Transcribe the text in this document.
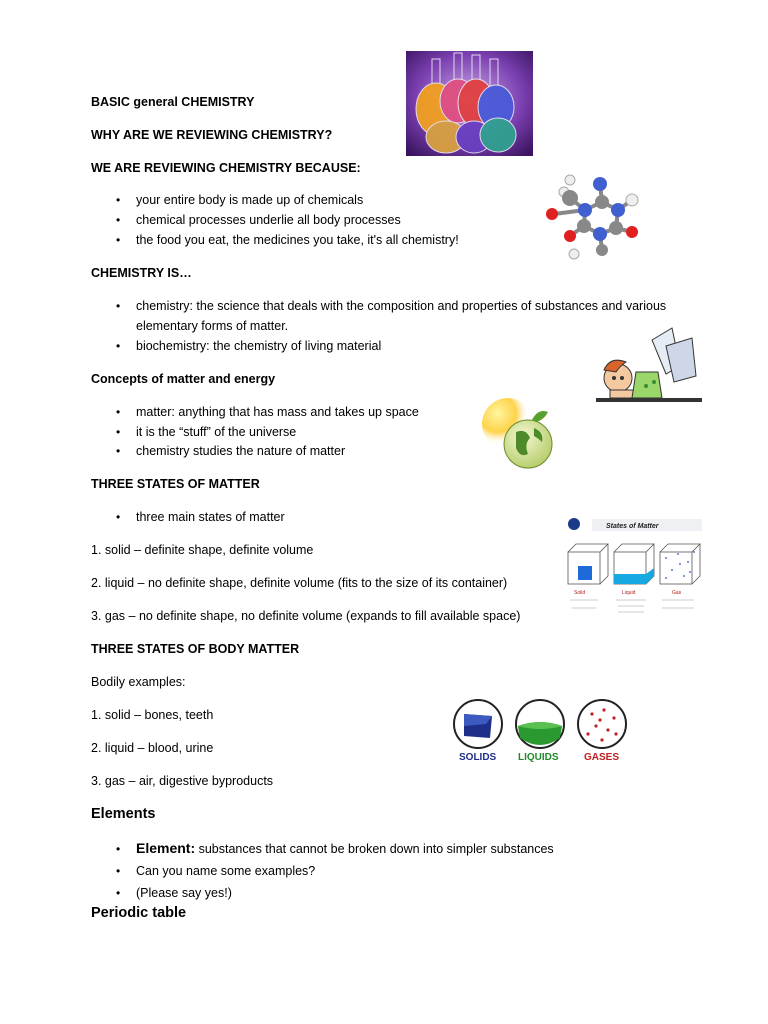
BASIC general CHEMISTRY
WHY ARE WE REVIEWING CHEMISTRY?
WE ARE REVIEWING CHEMISTRY BECAUSE:
• your entire body is made up of chemicals
• chemical processes underlie all body processes
• the food you eat, the medicines you take, it's all chemistry!
CHEMISTRY IS…
• chemistry: the science that deals with the composition and properties of substances and various
elementary forms of matter.
• biochemistry: the chemistry of living material
Concepts of matter and energy
• matter: anything that has mass and takes up space
• it is the “stuff” of the universe
• chemistry studies the nature of matter
THREE STATES OF MATTER
• three main states of matter
1. solid – definite shape, definite volume
2. liquid – no definite shape, definite volume (fits to the size of its container)
3. gas – no definite shape, no definite volume (expands to fill available space)
THREE STATES OF BODY MATTER
Bodily examples:
1. solid – bones, teeth
2. liquid – blood, urine
3. gas – air, digestive byproducts
Elements
• Element: substances that cannot be broken down into simpler substances
• Can you name some examples?
• (Please say yes!)
Periodic table
States of Matter
Solid	Liquid	Gas
SOLIDS LIQUIDS	GASES
